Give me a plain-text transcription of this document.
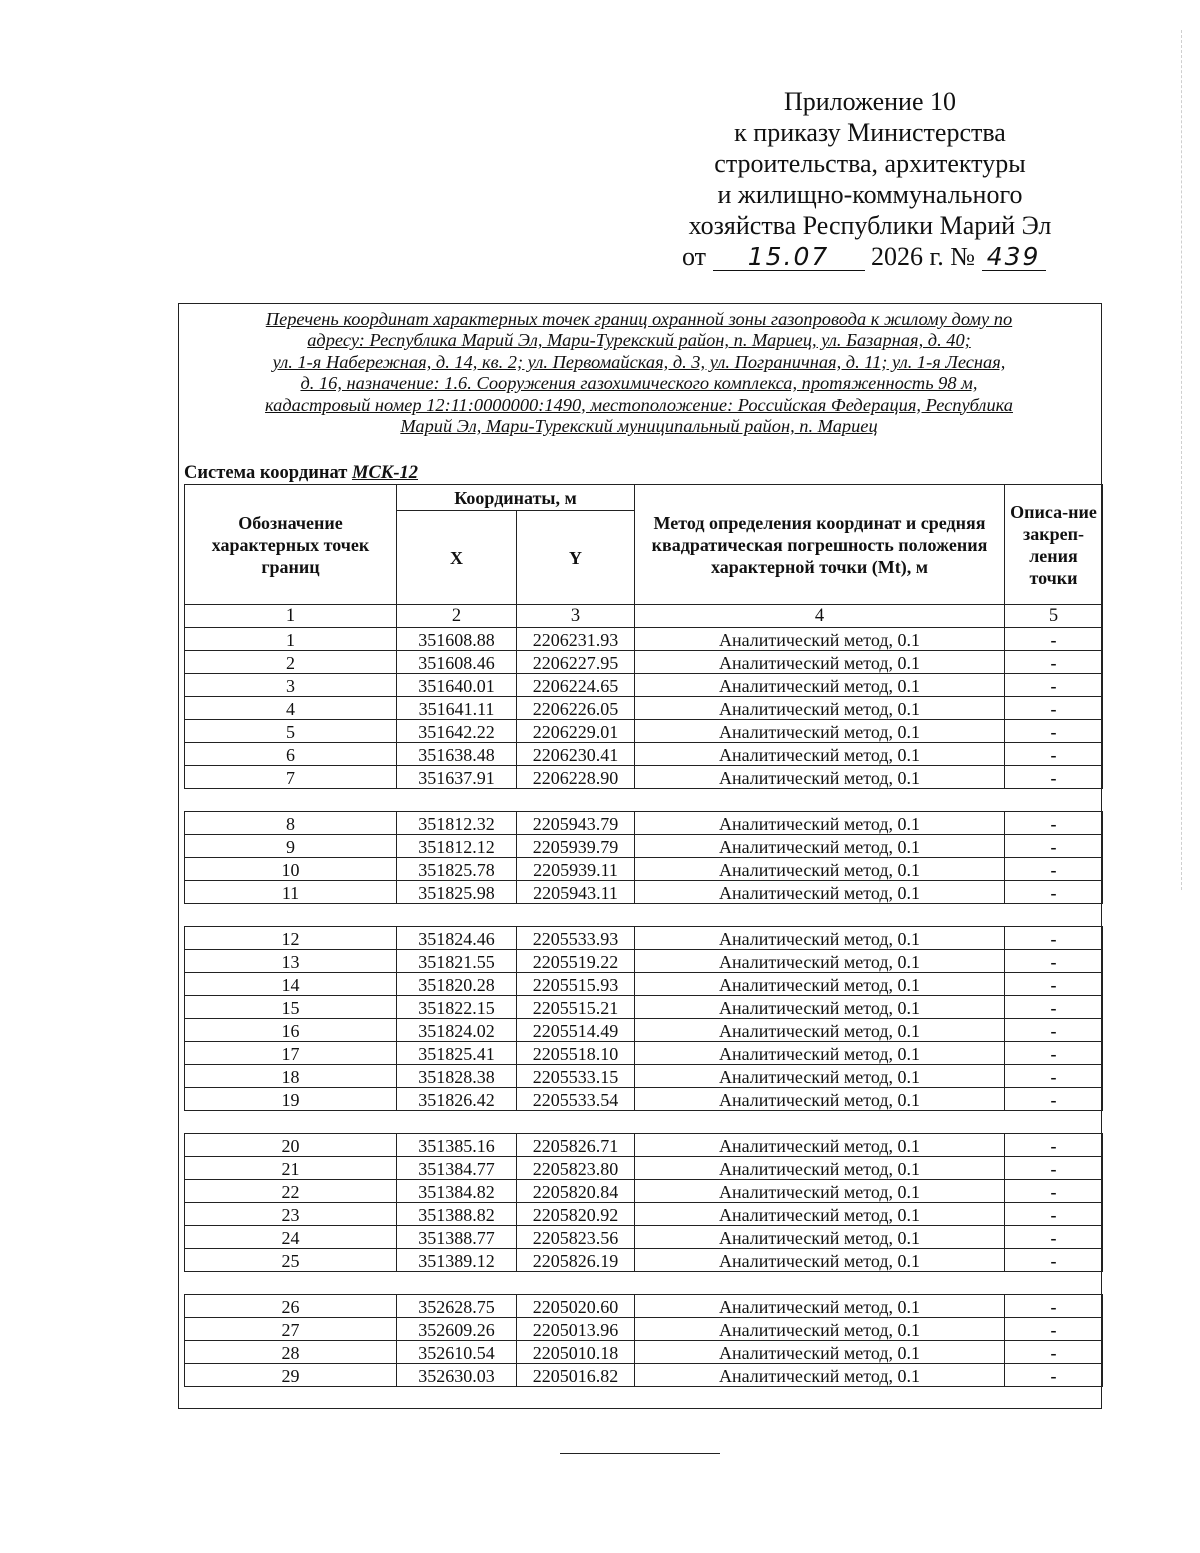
Приложение 10
к приказу Министерства
строительства, архитектуры
и жилищно-коммунального
хозяйства Республики Марий Эл
от 15.07 2026 г. № 439
Перечень координат характерных точек границ охранной зоны газопровода к жилому дому по
адресу: Республика Марий Эл, Мари-Турекский район, п. Мариец, ул. Базарная, д. 40;
ул. 1-я Набережная, д. 14, кв. 2; ул. Первомайская, д. 3, ул. Пограничная, д. 11; ул. 1-я Лесная,
д. 16, назначение: 1.6. Сооружения газохимического комплекса, протяженность 98 м,
кадастровый номер 12:11:0000000:1490, местоположение: Российская Федерация, Республика
Марий Эл, Мари-Турекский муниципальный район, п. Мариец
Система координат МСК-12
Обозначение характерных точек границ	Координаты, м		Метод определения координат и средняя квадратическая погрешность положения характерной точки (Mt), м	Описа-ние закреп-ления точки
	X	Y		
1	2	3	4	5
1	351608.88	2206231.93	Аналитический метод, 0.1	-
2	351608.46	2206227.95	Аналитический метод, 0.1	-
3	351640.01	2206224.65	Аналитический метод, 0.1	-
4	351641.11	2206226.05	Аналитический метод, 0.1	-
5	351642.22	2206229.01	Аналитический метод, 0.1	-
6	351638.48	2206230.41	Аналитический метод, 0.1	-
7	351637.91	2206228.90	Аналитический метод, 0.1	-

8	351812.32	2205943.79	Аналитический метод, 0.1	-
9	351812.12	2205939.79	Аналитический метод, 0.1	-
10	351825.78	2205939.11	Аналитический метод, 0.1	-
11	351825.98	2205943.11	Аналитический метод, 0.1	-

12	351824.46	2205533.93	Аналитический метод, 0.1	-
13	351821.55	2205519.22	Аналитический метод, 0.1	-
14	351820.28	2205515.93	Аналитический метод, 0.1	-
15	351822.15	2205515.21	Аналитический метод, 0.1	-
16	351824.02	2205514.49	Аналитический метод, 0.1	-
17	351825.41	2205518.10	Аналитический метод, 0.1	-
18	351828.38	2205533.15	Аналитический метод, 0.1	-
19	351826.42	2205533.54	Аналитический метод, 0.1	-

20	351385.16	2205826.71	Аналитический метод, 0.1	-
21	351384.77	2205823.80	Аналитический метод, 0.1	-
22	351384.82	2205820.84	Аналитический метод, 0.1	-
23	351388.82	2205820.92	Аналитический метод, 0.1	-
24	351388.77	2205823.56	Аналитический метод, 0.1	-
25	351389.12	2205826.19	Аналитический метод, 0.1	-

26	352628.75	2205020.60	Аналитический метод, 0.1	-
27	352609.26	2205013.96	Аналитический метод, 0.1	-
28	352610.54	2205010.18	Аналитический метод, 0.1	-
29	352630.03	2205016.82	Аналитический метод, 0.1	-
